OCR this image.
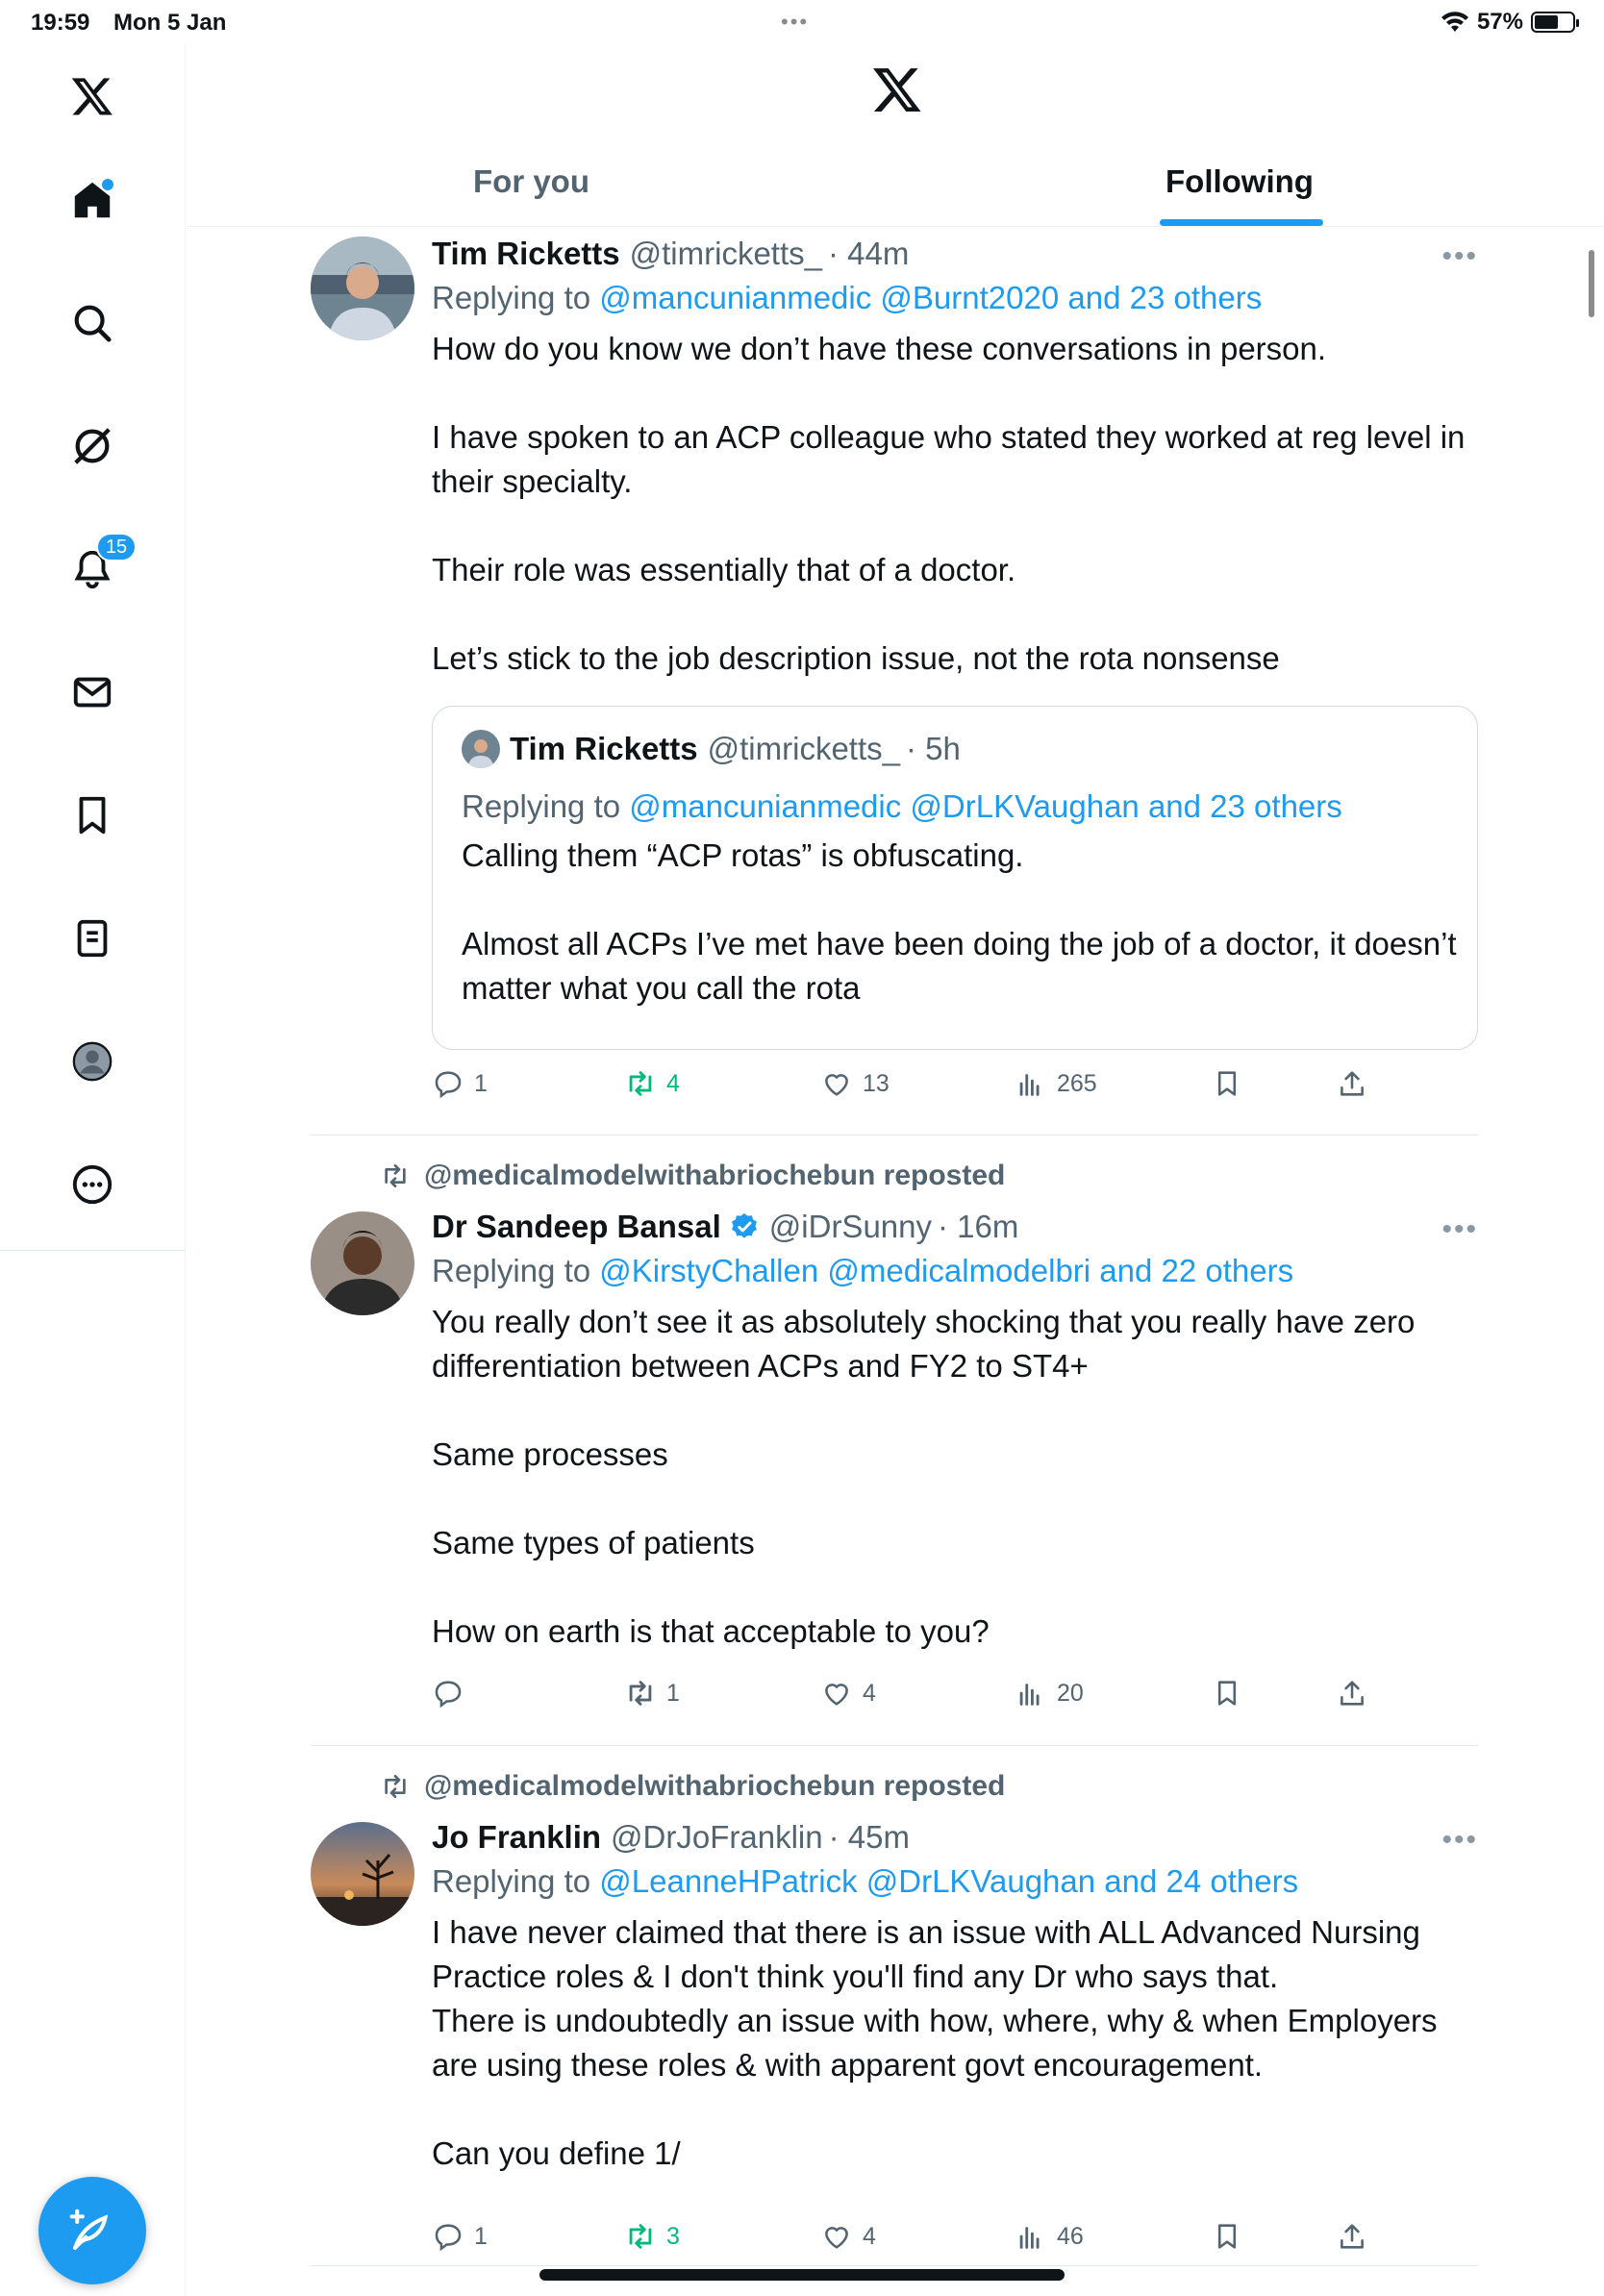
19:59 Mon 5 Jan	•••	57%
15
For you	Following
Tim Ricketts @timricketts_ · 44m
Replying to @mancunianmedic @Burnt2020 and 23 others

How do you know we don’t have these conversations in person.

I have spoken to an ACP colleague who stated they worked at reg level in their specialty.

Their role was essentially that of a doctor.

Let’s stick to the job description issue, not the rota nonsense

•••
Tim Ricketts @timricketts_ · 5h
Replying to @mancunianmedic @DrLKVaughan and 23 others

Calling them “ACP rotas” is obfuscating.

Almost all ACPs I’ve met have been doing the job of a doctor, it doesn’t matter what you call the rota

1	4	13	265
@medicalmodelwithabriochebun reposted
Dr Sandeep Bansal @iDrSunny · 16m
Replying to @KirstyChallen @medicalmodelbri and 22 others

You really don’t see it as absolutely shocking that you really have zero differentiation between ACPs and FY2 to ST4+

Same processes

Same types of patients

How on earth is that acceptable to you?

•••
1	4	20
@medicalmodelwithabriochebun reposted
Jo Franklin @DrJoFranklin · 45m
Replying to @LeanneHPatrick @DrLKVaughan and 24 others

I have never claimed that there is an issue with ALL Advanced Nursing Practice roles & I don't think you'll find any Dr who says that.

There is undoubtedly an issue with how, where, why & when Employers are using these roles & with apparent govt encouragement.

Can you define 1/

•••
1	3	4	46
